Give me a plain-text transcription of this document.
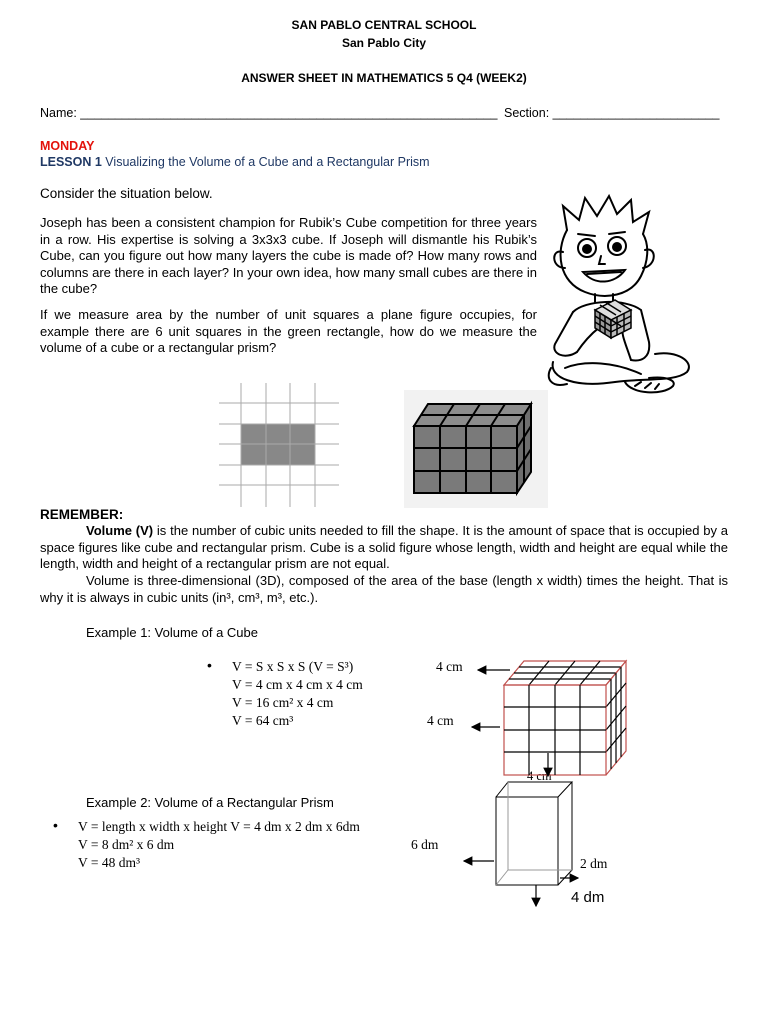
SAN PABLO CENTRAL SCHOOL
San Pablo City
ANSWER SHEET IN MATHEMATICS 5 Q4 (WEEK2)
Name: ____________________________________________________________ Section: ________________________
MONDAY
LESSON 1 Visualizing the Volume of a Cube and a Rectangular Prism
Consider the situation below.
Joseph has been a consistent champion for Rubik’s Cube competition for three years in a row. His expertise is solving a 3x3x3 cube. If Joseph will dismantle his Rubik’s Cube, can you figure out how many layers the cube is made of? How many rows and columns are there in each layer? In your own idea, how many small cubes are there in the cube?
If we measure area by the number of unit squares a plane figure occupies, for example there are 6 unit squares in the green rectangle, how do we measure the volume of a cube or a rectangular prism?
REMEMBER:
Volume (V) is the number of cubic units needed to fill the shape. It is the amount of space that is occupied by a space figures like cube and rectangular prism. Cube is a solid figure whose length, width and height are equal while the length, width and height of a rectangular prism are not equal.
Volume is three-dimensional (3D), composed of the area of the base (length x width) times the height. That is why it is always in cubic units (in³, cm³, m³, etc.).
Example 1: Volume of a Cube
• V = S x S x S (V = S³)
V = 4 cm x 4 cm x 4 cm
V = 16 cm² x 4 cm
V = 64 cm³
4 cm
4 cm
4 cm
Example 2: Volume of a Rectangular Prism
• V = length x width x height V = 4 dm x 2 dm x 6dm
V = 8 dm² x 6 dm
V = 48 dm³
6 dm
2 dm
4 dm
